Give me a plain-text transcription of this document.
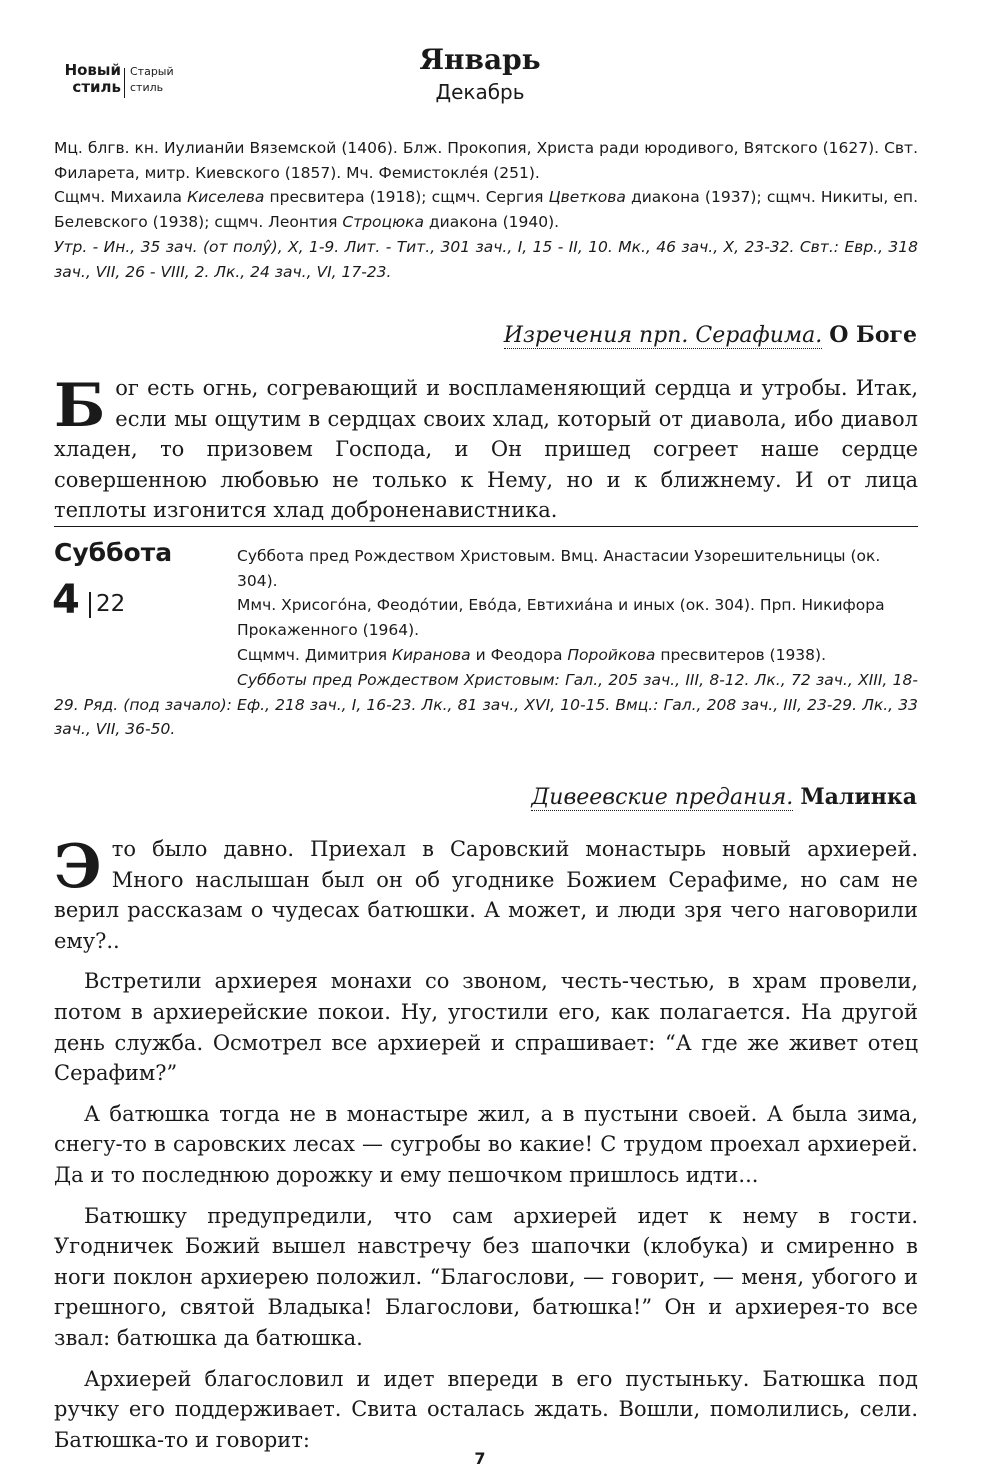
Новый стиль
Старый стиль
Январь
Декабрь

Мц. блгв. кн. Иулианӣи Вяземской (1406). Блж. Прокопия, Христа ради юродивого, Вятского (1627). Свт. Филарета, митр. Киевского (1857). Мч. Фемистокле́я (251).

Сщмч. Михаила Киселева пресвитера (1918); сщмч. Сергия Цветкова диакона (1937); сщмч. Никиты, еп. Белевского (1938); сщмч. Леонтия Строцюка диакона (1940).

Утр. - Ин., 35 зач. (от полу̂), X, 1-9. Лит. - Тит., 301 зач., I, 15 - II, 10. Мк., 46 зач., X, 23-32. Свт.: Евр., 318 зач., VII, 26 - VIII, 2. Лк., 24 зач., VI, 17-23.

Изречения прп. Серафима. О Боге

Бог есть огнь, согревающий и воспламеняющий сердца и утробы. Итак, если мы ощутим в сердцах своих хлад, который от диавола, ибо диавол хладен, то призовем Господа, и Он пришед согреет наше сердце совершенною любовью не только к Нему, но и к ближнему. И от лица теплоты изгонится хлад доброненавистника.

Суббота
4 22

Суббота пред Рождеством Христовым. Вмц. Анастасии Узорешительницы (ок. 304).

Ммч. Хрисого́на, Феодо́тии, Ево́да, Евтихиа́на и иных (ок. 304). Прп. Никифора Прокаженного (1964).

Сщммч. Димитрия Киранова и Феодора Поройкова пресвитеров (1938).

Субботы пред Рождеством Христовым: Гал., 205 зач., III, 8-12. Лк., 72 зач., XIII, 18-29. Ряд. (под зачало): Еф., 218 зач., I, 16-23. Лк., 81 зач., XVI, 10-15. Вмц.: Гал., 208 зач., III, 23-29. Лк., 33 зач., VII, 36-50.

Дивеевские предания. Малинка

Это было давно. Приехал в Саровский монастырь новый архиерей. Много наслышан был он об угоднике Божием Серафиме, но сам не верил рассказам о чудесах батюшки. А может, и люди зря чего наговорили ему?..

Встретили архиерея монахи со звоном, честь-честью, в храм провели, потом в архиерейские покои. Ну, угостили его, как полагается. На другой день служба. Осмотрел все архиерей и спрашивает: “А где же живет отец Серафим?”

А батюшка тогда не в монастыре жил, а в пустыни своей. А была зима, снегу-то в саровских лесах — сугробы во какие! С трудом проехал архиерей. Да и то последнюю дорожку и ему пешочком пришлось идти...

Батюшку предупредили, что сам архиерей идет к нему в гости. Угодничек Божий вышел навстречу без шапочки (клобука) и смиренно в ноги поклон архиерею положил. “Благослови, — говорит, — меня, убогого и грешного, святой Владыка! Благослови, батюшка!” Он и архиерея-то все звал: батюшка да батюшка.

Архиерей благословил и идет впереди в его пустыньку. Батюшка под ручку его поддерживает. Свита осталась ждать. Вошли, помолились, сели. Батюшка-то и говорит:

7
